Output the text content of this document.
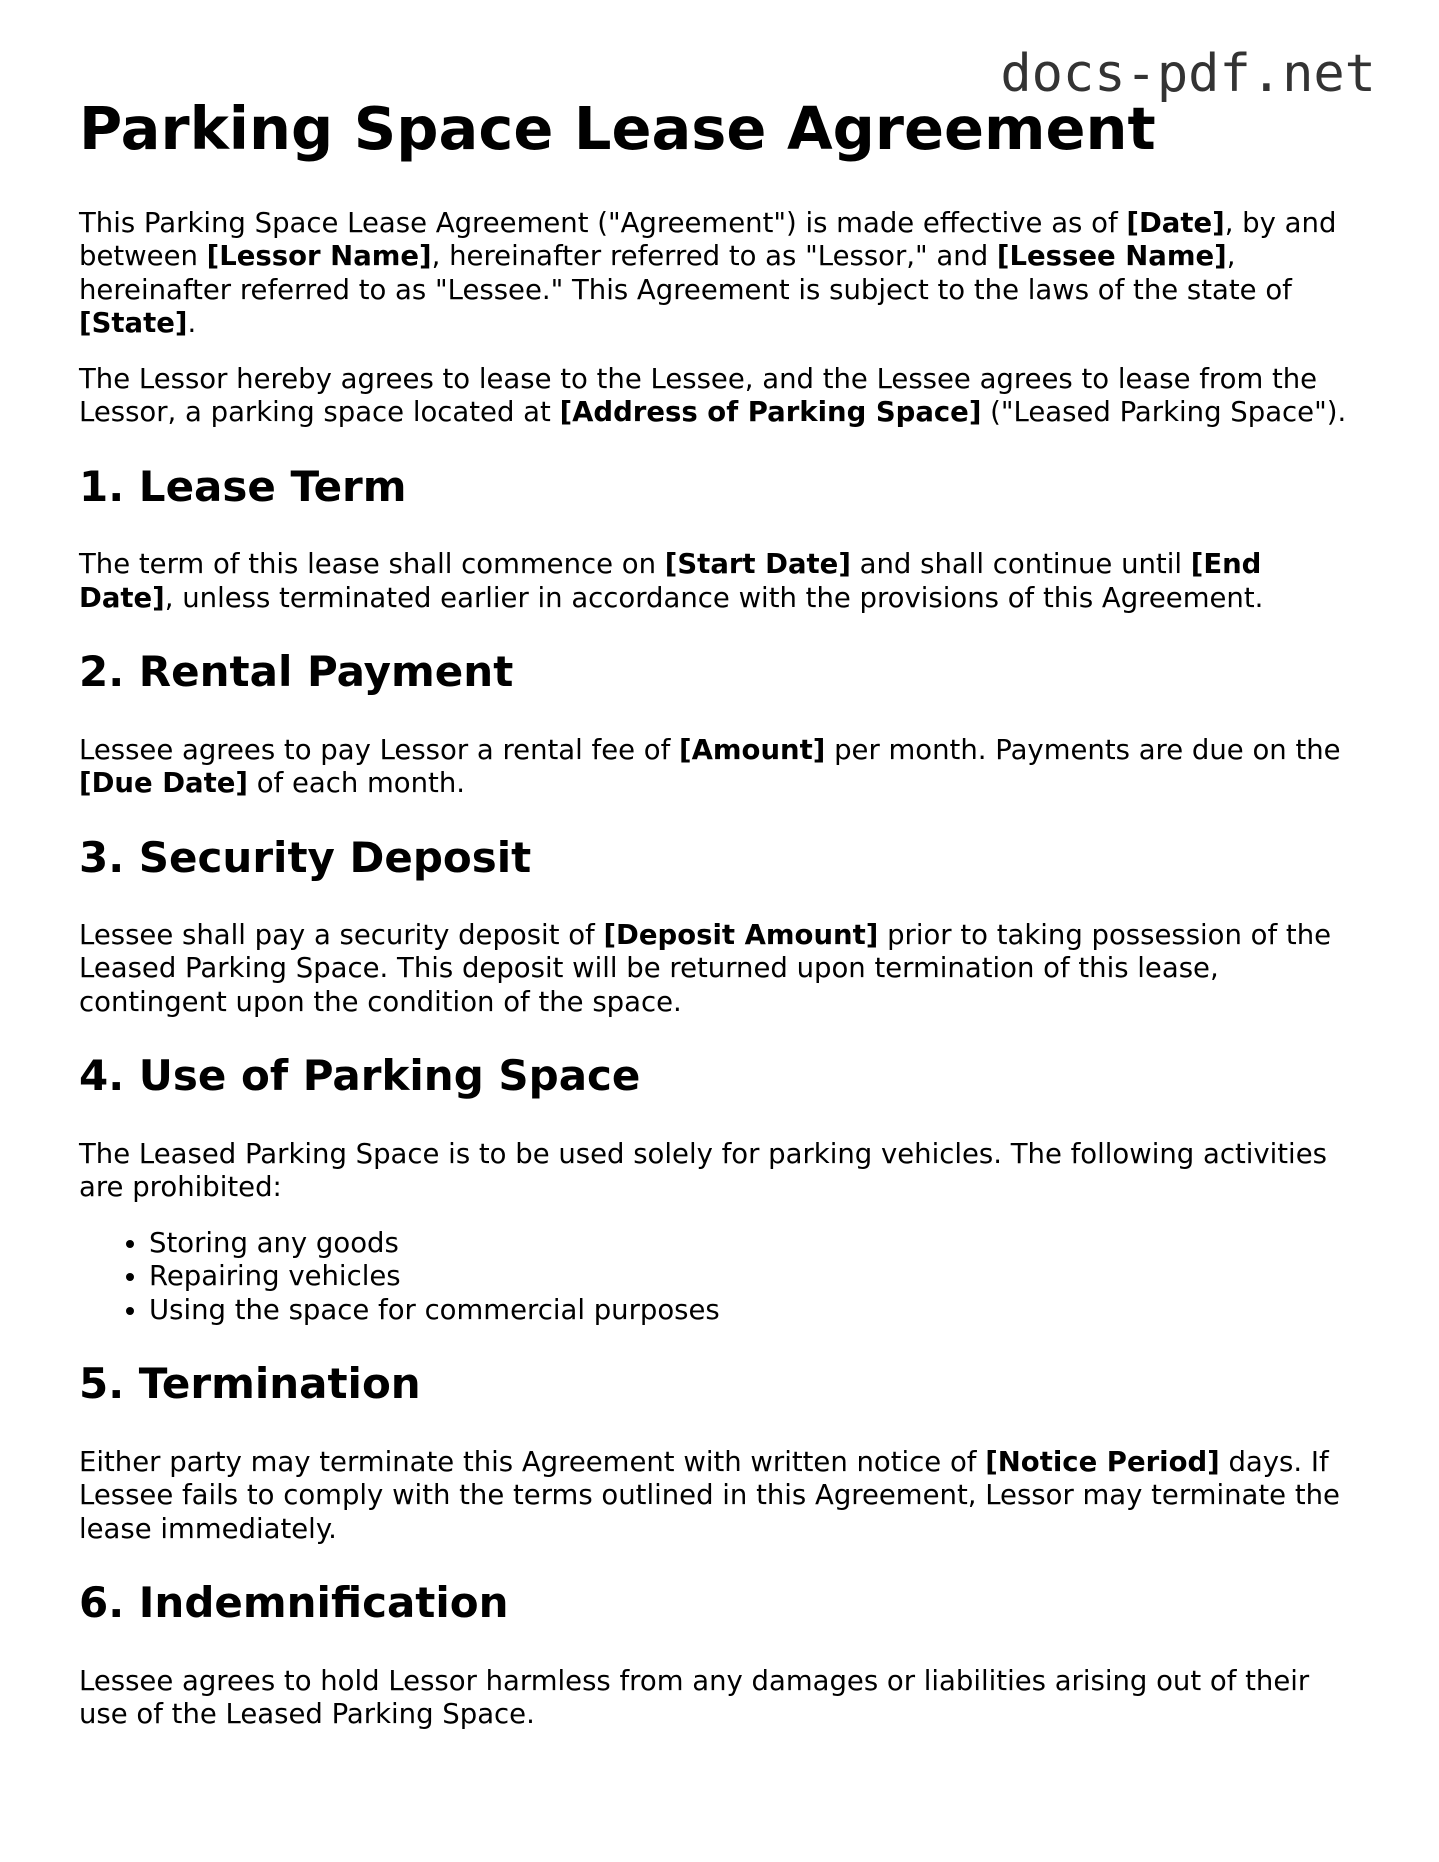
docs-pdf.net
Parking Space Lease Agreement

This Parking Space Lease Agreement ("Agreement") is made effective as of [Date], by and between [Lessor Name], hereinafter referred to as "Lessor," and [Lessee Name], hereinafter referred to as "Lessee." This Agreement is subject to the laws of the state of [State].

The Lessor hereby agrees to lease to the Lessee, and the Lessee agrees to lease from the Lessor, a parking space located at [Address of Parking Space] ("Leased Parking Space").

1. Lease Term

The term of this lease shall commence on [Start Date] and shall continue until [End Date], unless terminated earlier in accordance with the provisions of this Agreement.

2. Rental Payment

Lessee agrees to pay Lessor a rental fee of [Amount] per month. Payments are due on the [Due Date] of each month.

3. Security Deposit

Lessee shall pay a security deposit of [Deposit Amount] prior to taking possession of the Leased Parking Space. This deposit will be returned upon termination of this lease, contingent upon the condition of the space.

4. Use of Parking Space

The Leased Parking Space is to be used solely for parking vehicles. The following activities are prohibited:

• Storing any goods
• Repairing vehicles
• Using the space for commercial purposes
5. Termination

Either party may terminate this Agreement with written notice of [Notice Period] days. If Lessee fails to comply with the terms outlined in this Agreement, Lessor may terminate the lease immediately.

6. Indemnification

Lessee agrees to hold Lessor harmless from any damages or liabilities arising out of their use of the Leased Parking Space.
